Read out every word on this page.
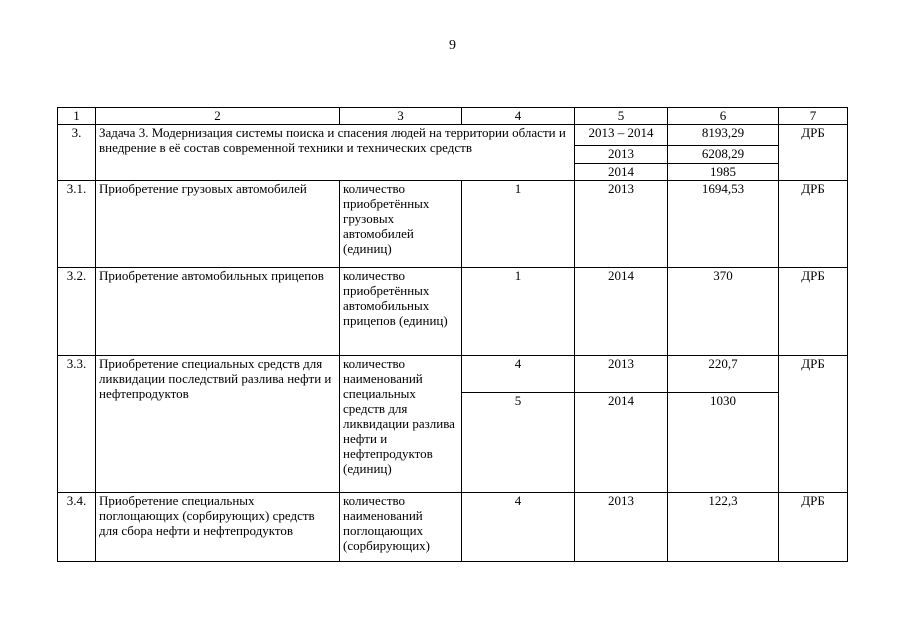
9
1	2	3	4	5	6	7
3.	Задача 3. Модернизация системы поиска и спасения людей на территории области и внедрение в её состав современной техники и технических средств			2013 – 2014	8193,29	ДРБ
				2013	6208,29	
				2014	1985	
3.1.	Приобретение грузовых автомобилей	количество приобретённых грузовых автомобилей (единиц)	1	2013	1694,53	ДРБ
3.2.	Приобретение автомобильных прицепов	количество приобретённых автомобильных прицепов (единиц)	1	2014	370	ДРБ
3.3.	Приобретение специальных средств для ликвидации последствий разлива нефти и нефтепродуктов	количество наименований специальных средств для ликвидации разлива нефти и нефтепродуктов (единиц)	4	2013	220,7	ДРБ
			5	2014	1030	
3.4.	Приобретение специальных поглощающих (сорбирующих) средств для сбора нефти и нефтепродуктов	количество наименований поглощающих (сорбирующих)	4	2013	122,3	ДРБ
